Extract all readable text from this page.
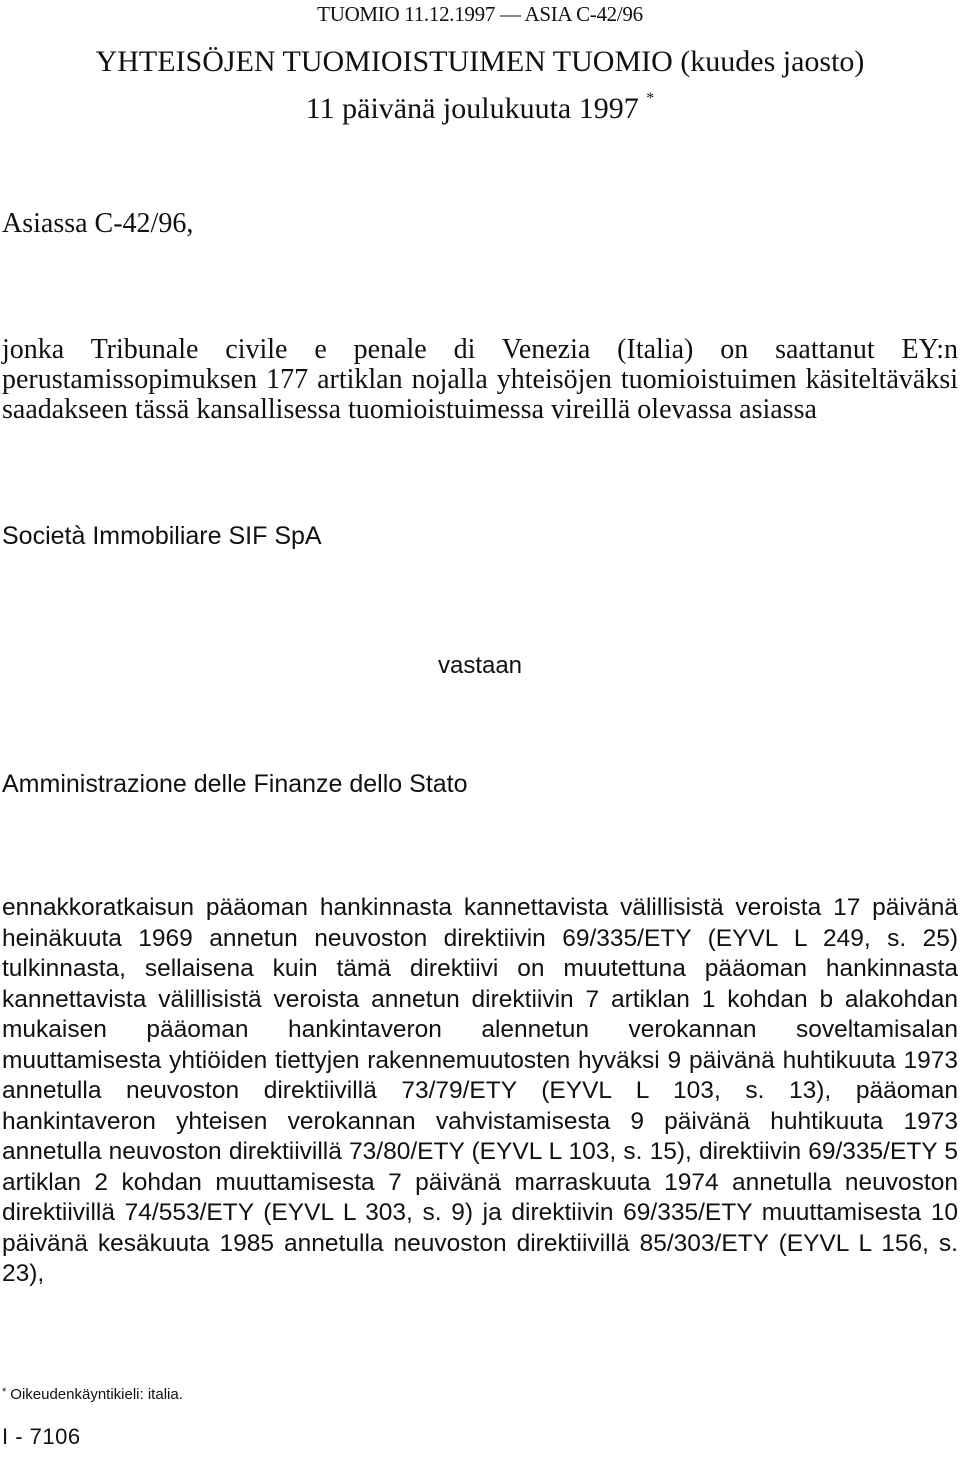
TUOMIO 11.12.1997 — ASIA C-42/96
YHTEISÖJEN TUOMIOISTUIMEN TUOMIO (kuudes jaosto)
11 päivänä joulukuuta 1997 *
Asiassa C-42/96,

jonka Tribunale civile e penale di Venezia (Italia) on saattanut EY:n perustamissopimuksen 177 artiklan nojalla yhteisöjen tuomioistuimen käsiteltäväksi saadakseen tässä kansallisessa tuomioistuimessa vireillä olevassa asiassa

Società Immobiliare SIF SpA
vastaan
Amministrazione delle Finanze dello Stato

ennakkoratkaisun pääoman hankinnasta kannettavista välillisistä veroista 17 päivänä heinäkuuta 1969 annetun neuvoston direktiivin 69/335/ETY (EYVL L 249, s. 25) tulkinnasta, sellaisena kuin tämä direktiivi on muutettuna pääoman hankinnasta kannettavista välillisistä veroista annetun direktiivin 7 artiklan 1 kohdan b alakohdan mukaisen pääoman hankintaveron alennetun verokannan soveltamisalan muuttamisesta yhtiöiden tiettyjen rakennemuutosten hyväksi 9 päivänä huhtikuuta 1973 annetulla neuvoston direktiivillä 73/79/ETY (EYVL L 103, s. 13), pääoman hankintaveron yhteisen verokannan vahvistamisesta 9 päivänä huhtikuuta 1973 annetulla neuvoston direktiivillä 73/80/ETY (EYVL L 103, s. 15), direktiivin 69/335/ETY 5 artiklan 2 kohdan muuttamisesta 7 päivänä marraskuuta 1974 annetulla neuvoston direktiivillä 74/553/ETY (EYVL L 303, s. 9) ja direktiivin 69/335/ETY muuttamisesta 10 päivänä kesäkuuta 1985 annetulla neuvoston direktiivillä 85/303/ETY (EYVL L 156, s. 23),

* Oikeudenkäyntikieli: italia.
I - 7106
